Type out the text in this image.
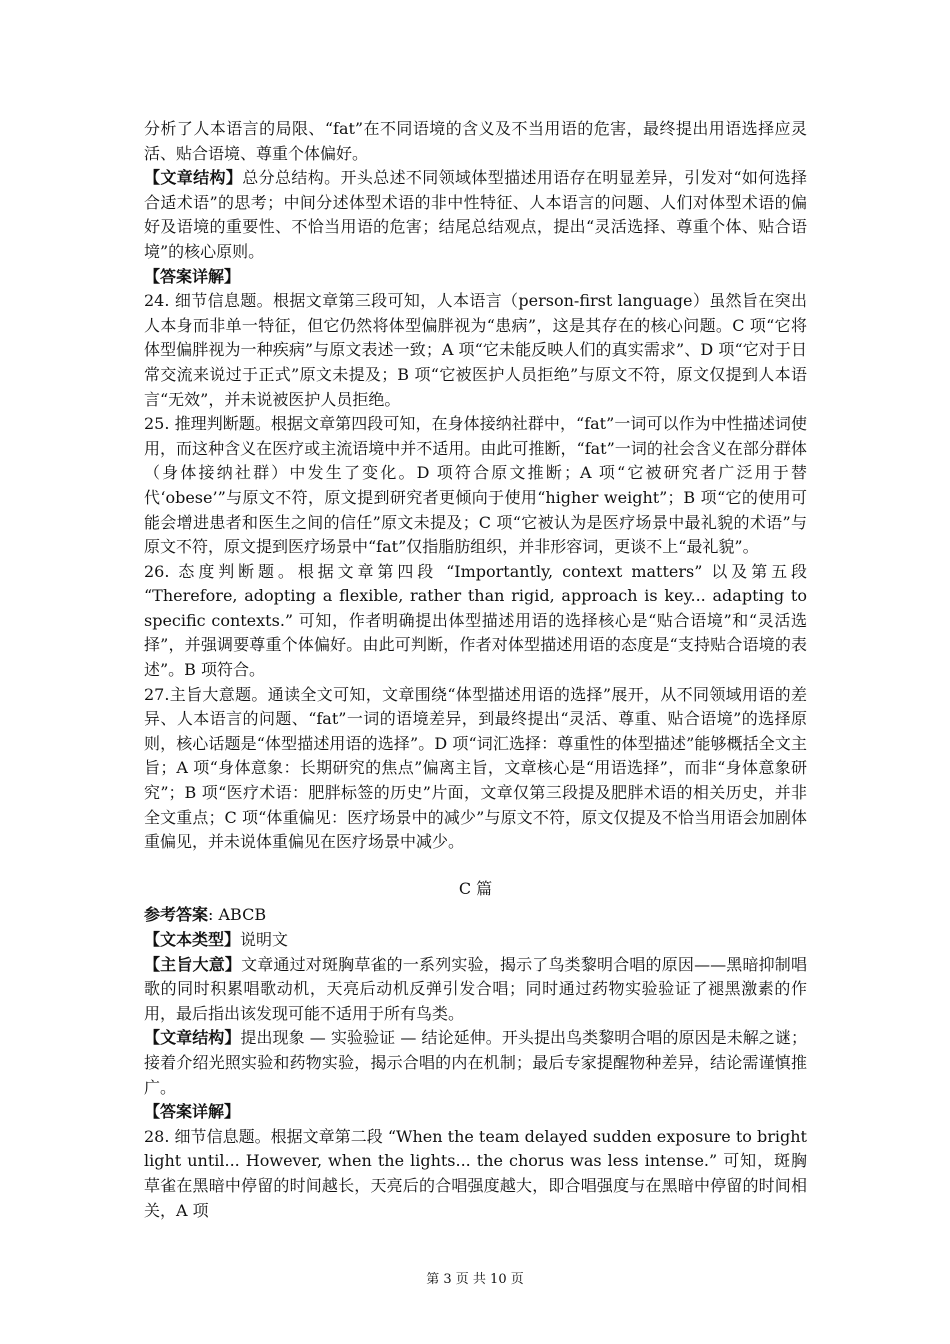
分析了人本语言的局限、“fat”在不同语境的含义及不当用语的危害，最终提出用语选择应灵活、贴合语境、尊重个体偏好。

【文章结构】总分总结构。开头总述不同领域体型描述用语存在明显差异，引发对“如何选择合适术语”的思考；中间分述体型术语的非中性特征、人本语言的问题、人们对体型术语的偏好及语境的重要性、不恰当用语的危害；结尾总结观点，提出“灵活选择、尊重个体、贴合语境”的核心原则。

【答案详解】

24. 细节信息题。根据文章第三段可知，人本语言（person-first language）虽然旨在突出人本身而非单一特征，但它仍然将体型偏胖视为“患病”，这是其存在的核心问题。C 项“它将体型偏胖视为一种疾病”与原文表述一致；A 项“它未能反映人们的真实需求”、D 项“它对于日常交流来说过于正式”原文未提及；B 项“它被医护人员拒绝”与原文不符，原文仅提到人本语言“无效”，并未说被医护人员拒绝。

25. 推理判断题。根据文章第四段可知，在身体接纳社群中，“fat”一词可以作为中性描述词使用，而这种含义在医疗或主流语境中并不适用。由此可推断，“fat”一词的社会含义在部分群体（身体接纳社群）中发生了变化。D 项符合原文推断；A 项“它被研究者广泛用于替代‘obese’”与原文不符，原文提到研究者更倾向于使用“higher weight”；B 项“它的使用可能会增进患者和医生之间的信任”原文未提及；C 项“它被认为是医疗场景中最礼貌的术语”与原文不符，原文提到医疗场景中“fat”仅指脂肪组织，并非形容词，更谈不上“最礼貌”。

26. 态度判断题。根据文章第四段 “Importantly, context matters” 以及第五段 “Therefore, adopting a flexible, rather than rigid, approach is key... adapting to specific contexts.” 可知，作者明确提出体型描述用语的选择核心是“贴合语境”和“灵活选择”，并强调要尊重个体偏好。由此可判断，作者对体型描述用语的态度是“支持贴合语境的表述”。B 项符合。

27.主旨大意题。通读全文可知，文章围绕“体型描述用语的选择”展开，从不同领域用语的差异、人本语言的问题、“fat”一词的语境差异，到最终提出“灵活、尊重、贴合语境”的选择原则，核心话题是“体型描述用语的选择”。D 项“词汇选择：尊重性的体型描述”能够概括全文主旨；A 项“身体意象：长期研究的焦点”偏离主旨，文章核心是“用语选择”，而非“身体意象研究”；B 项“医疗术语：肥胖标签的历史”片面，文章仅第三段提及肥胖术语的相关历史，并非全文重点；C 项“体重偏见：医疗场景中的减少”与原文不符，原文仅提及不恰当用语会加剧体重偏见，并未说体重偏见在医疗场景中减少。

C 篇

参考答案: ABCB

【文本类型】说明文

【主旨大意】文章通过对斑胸草雀的一系列实验，揭示了鸟类黎明合唱的原因——黑暗抑制唱歌的同时积累唱歌动机，天亮后动机反弹引发合唱；同时通过药物实验验证了褪黑激素的作用，最后指出该发现可能不适用于所有鸟类。

【文章结构】提出现象 — 实验验证 — 结论延伸。开头提出鸟类黎明合唱的原因是未解之谜；接着介绍光照实验和药物实验，揭示合唱的内在机制；最后专家提醒物种差异，结论需谨慎推广。

【答案详解】

28. 细节信息题。根据文章第二段 “When the team delayed sudden exposure to bright light until... However, when the lights... the chorus was less intense.” 可知，斑胸草雀在黑暗中停留的时间越长，天亮后的合唱强度越大，即合唱强度与在黑暗中停留的时间相关，A 项

第 3 页 共 10 页
